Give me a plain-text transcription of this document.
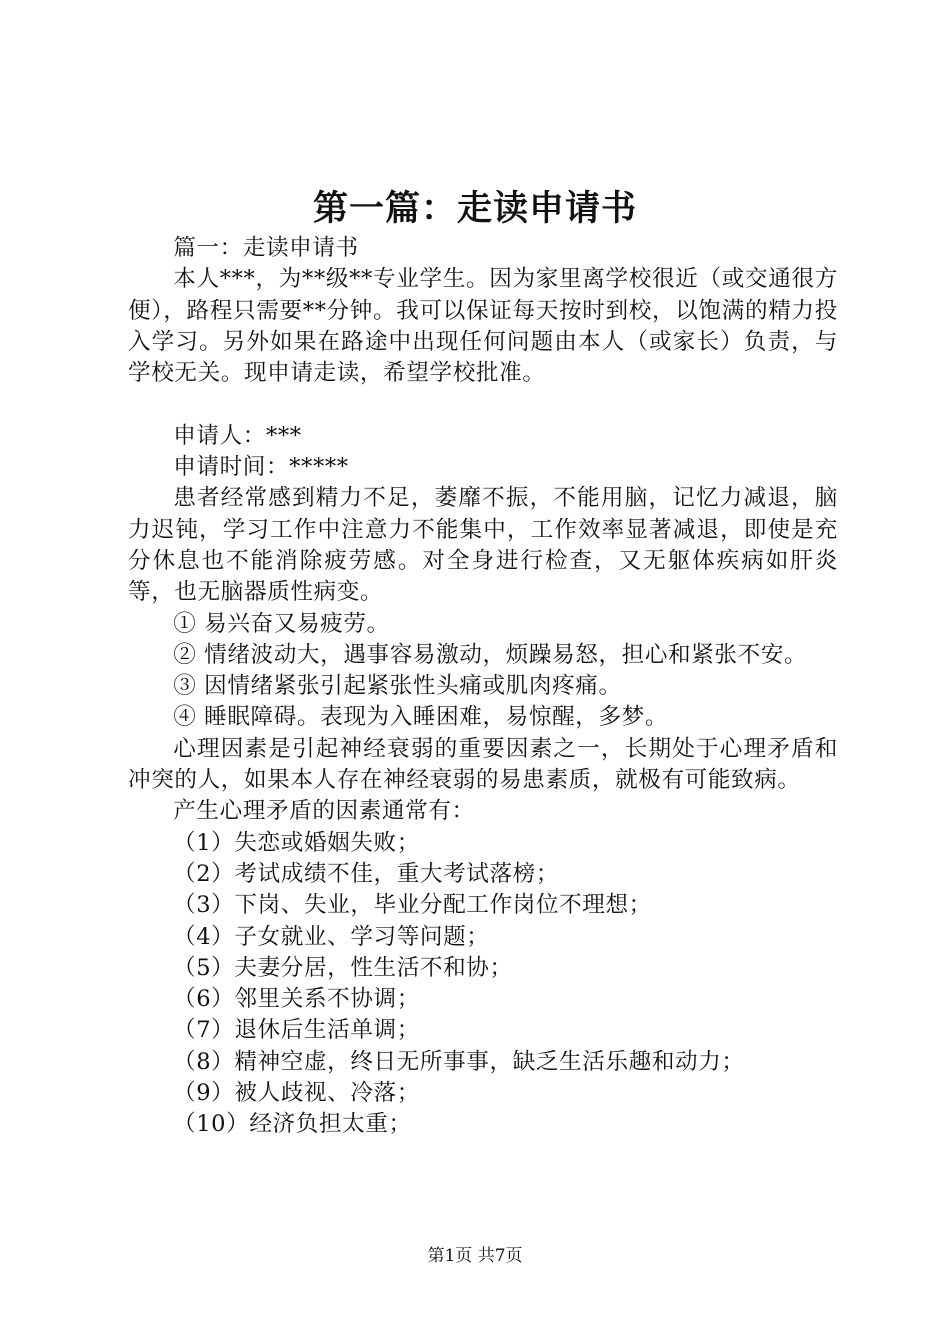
第一篇：走读申请书

篇一：走读申请书

本人***，为**级**专业学生。因为家里离学校很近（或交通很方便），路程只需要**分钟。我可以保证每天按时到校，以饱满的精力投入学习。另外如果在路途中出现任何问题由本人（或家长）负责，与学校无关。现申请走读，希望学校批准。

申请人：***

申请时间：*****

患者经常感到精力不足，萎靡不振，不能用脑，记忆力减退，脑力迟钝，学习工作中注意力不能集中，工作效率显著减退，即使是充分休息也不能消除疲劳感。对全身进行检查，又无躯体疾病如肝炎等，也无脑器质性病变。

① 易兴奋又易疲劳。

② 情绪波动大，遇事容易激动，烦躁易怒，担心和紧张不安。

③ 因情绪紧张引起紧张性头痛或肌肉疼痛。

④ 睡眠障碍。表现为入睡困难，易惊醒，多梦。

心理因素是引起神经衰弱的重要因素之一，长期处于心理矛盾和冲突的人，如果本人存在神经衰弱的易患素质，就极有可能致病。

产生心理矛盾的因素通常有：

（1）失恋或婚姻失败；

（2）考试成绩不佳，重大考试落榜；

（3）下岗、失业，毕业分配工作岗位不理想；

（4）子女就业、学习等问题；

（5）夫妻分居，性生活不和协；

（6）邻里关系不协调；

（7）退休后生活单调；

（8）精神空虚，终日无所事事，缺乏生活乐趣和动力；

（9）被人歧视、冷落；

（10）经济负担太重；

第1页 共7页
